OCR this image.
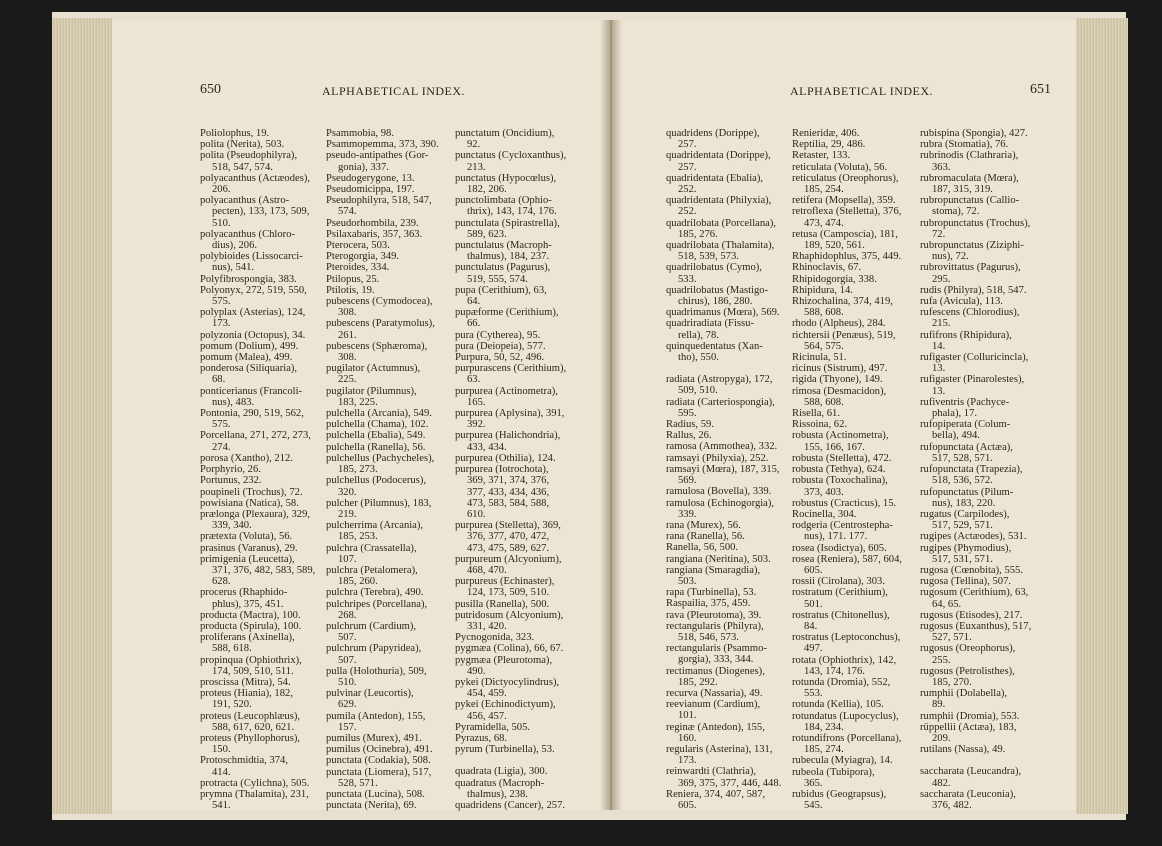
650	ALPHABETICAL INDEX.	ALPHABETICAL INDEX.	651
Poliolophus, 19.
polita (Nerita), 503.
polita (Pseudophilyra),
518, 547, 574.
polyacanthus (Actæodes),
206.
polyacanthus (Astro-
pecten), 133, 173, 509,
510.
polyacanthus (Chloro-
dius), 206.
polybioides (Lissocarci-
nus), 541.
Polyfibrospongia, 383.
Polyonyx, 272, 519, 550,
575.
polyplax (Asterias), 124,
173.
polyzonia (Octopus), 34.
pomum (Dolium), 499.
pomum (Malea), 499.
ponderosa (Siliquaria),
68.
ponticerianus (Francoli-
nus), 483.
Pontonia, 290, 519, 562,
575.
Porcellana, 271, 272, 273,
274.
porosa (Xantho), 212.
Porphyrio, 26.
Portunus, 232.
poupineli (Trochus), 72.
powisiana (Natica), 58.
prælonga (Plexaura), 329,
339, 340.
prætexta (Voluta), 56.
prasinus (Varanus), 29.
primigenia (Leucetta),
371, 376, 482, 583, 589,
628.
procerus (Rhaphido-
phlus), 375, 451.
producta (Mactra), 100.
producta (Spirula), 100.
proliferans (Axinella),
588, 618.
propinqua (Ophiothrix),
174, 509, 510, 511.
proscissa (Mitra), 54.
proteus (Hiania), 182,
191, 520.
proteus (Leucophlæus),
588, 617, 620, 621.
proteus (Phyllophorus),
150.
Protoschmidtia, 374,
414.
protracta (Cylichna), 505.
prymna (Thalamita), 231,
541.
Psammobia, 98.
Psammopemma, 373, 390.
pseudo-antipathes (Gor-
gonia), 337.
Pseudogerygone, 13.
Pseudomicippa, 197.
Pseudophilyra, 518, 547,
574.
Pseudorhombila, 239.
Psilaxabaris, 357, 363.
Pterocera, 503.
Pterogorgia, 349.
Pteroides, 334.
Ptilopus, 25.
Ptilotis, 19.
pubescens (Cymodocea),
308.
pubescens (Paratymolus),
261.
pubescens (Sphæroma),
308.
pugilator (Actumnus),
225.
pugilator (Pilumnus),
183, 225.
pulchella (Arcania), 549.
pulchella (Chama), 102.
pulchella (Ebalia), 549.
pulchella (Ranella), 56.
pulchellus (Pachycheles),
185, 273.
pulchellus (Podocerus),
320.
pulcher (Pilumnus), 183,
219.
pulcherrima (Arcania),
185, 253.
pulchra (Crassatella),
107.
pulchra (Petalomera),
185, 260.
pulchra (Terebra), 490.
pulchripes (Porcellana),
268.
pulchrum (Cardium),
507.
pulchrum (Papyridea),
507.
pulla (Holothuria), 509,
510.
pulvinar (Leucortis),
629.
pumila (Antedon), 155,
157.
pumilus (Murex), 491.
pumilus (Ocinebra), 491.
punctata (Codakia), 508.
punctata (Liomera), 517,
528, 571.
punctata (Lucina), 508.
punctata (Nerita), 69.
punctatum (Oncidium),
92.
punctatus (Cycloxanthus),
213.
punctatus (Hypocœlus),
182, 206.
punctolimbata (Ophio-
thrix), 143, 174, 176.
punctulata (Spirastrella),
589, 623.
punctulatus (Macroph-
thalmus), 184, 237.
punctulatus (Pagurus),
519, 555, 574.
pupa (Cerithium), 63,
64.
pupæforme (Cerithium),
66.
pura (Cytherea), 95.
pura (Deiopeia), 577.
Purpura, 50, 52, 496.
purpurascens (Cerithium),
63.
purpurea (Actinometra),
165.
purpurea (Aplysina), 391,
392.
purpurea (Halichondria),
433, 434.
purpurea (Othilia), 124.
purpurea (Iotrochota),
369, 371, 374, 376,
377, 433, 434, 436,
473, 583, 584, 588,
610.
purpurea (Stelletta), 369,
376, 377, 470, 472,
473, 475, 589, 627.
purpureum (Alcyonium),
468, 470.
purpureus (Echinaster),
124, 173, 509, 510.
pusilla (Ranella), 500.
putridosum (Alcyonium),
331, 420.
Pycnogonida, 323.
pygmæa (Colina), 66, 67.
pygmæa (Pleurotoma),
490.
pykei (Dictyocylindrus),
454, 459.
pykei (Echinodictyum),
456, 457.
Pyramidella, 505.
Pyrazus, 68.
pyrum (Turbinella), 53.
quadrata (Ligia), 300.
quadratus (Macroph-
thalmus), 238.
quadridens (Cancer), 257.
quadridens (Dorippe),
257.
quadridentata (Dorippe),
257.
quadridentata (Ebalia),
252.
quadridentata (Philyxia),
252.
quadrilobata (Porcellana),
185, 276.
quadrilobata (Thalamita),
518, 539, 573.
quadrilobatus (Cymo),
533.
quadrilobatus (Mastigo-
chirus), 186, 280.
quadrimanus (Mœra), 569.
quadriradiata (Fissu-
rella), 78.
quinquedentatus (Xan-
tho), 550.
radiata (Astropyga), 172,
509, 510.
radiata (Carteriospongia),
595.
Radius, 59.
Rallus, 26.
ramosa (Ammothea), 332.
ramsayi (Philyxia), 252.
ramsayi (Mœra), 187, 315,
569.
ramulosa (Bovella), 339.
ramulosa (Echinogorgia),
339.
rana (Murex), 56.
rana (Ranella), 56.
Ranella, 56, 500.
rangiana (Neritina), 503.
rangiana (Smaragdia),
503.
rapa (Turbinella), 53.
Raspailia, 375, 459.
rava (Pleurotoma), 39.
rectangularis (Philyra),
518, 546, 573.
rectangularis (Psammo-
gorgia), 333, 344.
rectimanus (Diogenes),
185, 292.
recurva (Nassaria), 49.
reevianum (Cardium),
101.
reginæ (Antedon), 155,
160.
regularis (Asterina), 131,
173.
reinwardti (Clathria),
369, 375, 377, 446, 448.
Reniera, 374, 407, 587,
605.
Renieridæ, 406.
Reptilia, 29, 486.
Retaster, 133.
reticulata (Voluta), 56.
reticulatus (Oreophorus),
185, 254.
retifera (Mopsella), 359.
retroflexa (Stelletta), 376,
473, 474.
retusa (Camposcia), 181,
189, 520, 561.
Rhaphidophlus, 375, 449.
Rhinoclavis, 67.
Rhipidogorgia, 338.
Rhipidura, 14.
Rhizochalina, 374, 419,
588, 608.
rhodo (Alpheus), 284.
richtersii (Penæus), 519,
564, 575.
Ricinula, 51.
ricinus (Sistrum), 497.
rigida (Thyone), 149.
rimosa (Desmacidon),
588, 608.
Risella, 61.
Rissoina, 62.
robusta (Actinometra),
155, 166, 167.
robusta (Stelletta), 472.
robusta (Tethya), 624.
robusta (Toxochalina),
373, 403.
robustus (Cracticus), 15.
Rocinella, 304.
rodgeria (Centrostepha-
nus), 171. 177.
rosea (Isodictya), 605.
rosea (Reniera), 587, 604,
605.
rossii (Cirolana), 303.
rostratum (Cerithium),
501.
rostratus (Chitonellus),
84.
rostratus (Leptoconchus),
497.
rotata (Ophiothrix), 142,
143, 174, 176.
rotunda (Dromia), 552,
553.
rotunda (Kellia), 105.
rotundatus (Lupocyclus),
184, 234.
rotundifrons (Porcellana),
185, 274.
rubecula (Myiagra), 14.
rubeola (Tubipora),
365.
rubidus (Geograpsus),
545.
rubispina (Spongia), 427.
rubra (Stomatia), 76.
rubrinodis (Clathraria),
363.
rubromaculata (Mœra),
187, 315, 319.
rubropunctatus (Callio-
stoma), 72.
rubropunctatus (Trochus),
72.
rubropunctatus (Ziziphi-
nus), 72.
rubrovittatus (Pagurus),
295.
rudis (Philyra), 518, 547.
rufa (Avicula), 113.
rufescens (Chlorodius),
215.
rufifrons (Rhipidura),
14.
rufigaster (Colluricincla),
13.
rufigaster (Pinarolestes),
13.
rufiventris (Pachyce-
phala), 17.
rufopiperata (Colum-
bella), 494.
rufopunctata (Actæa),
517, 528, 571.
rufopunctata (Trapezia),
518, 536, 572.
rufopunctatus (Pilum-
nus), 183, 220.
rugatus (Carpilodes),
517, 529, 571.
rugipes (Actæodes), 531.
rugipes (Phymodius),
517, 531, 571.
rugosa (Cœnobita), 555.
rugosa (Tellina), 507.
rugosum (Cerithium), 63,
64, 65.
rugosus (Etisodes), 217.
rugosus (Euxanthus), 517,
527, 571.
rugosus (Oreophorus),
255.
rugosus (Petrolisthes),
185, 270.
rumphii (Dolabella),
89.
rumphii (Dromia), 553.
rüppellii (Actæa), 183,
209.
rutilans (Nassa), 49.
saccharata (Leucandra),
482.
saccharata (Leuconia),
376, 482.
